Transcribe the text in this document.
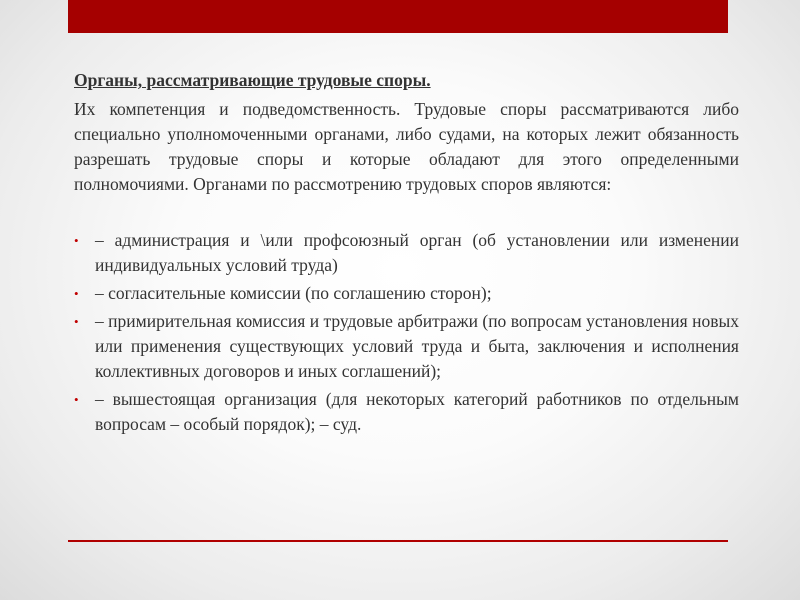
Органы, рассматривающие трудовые споры.

Их компетенция и подведомственность. Трудовые споры рассматриваются либо специально уполномоченными органами, либо судами, на которых лежит обязанность разрешать трудовые споры и которые обладают для этого определенными полномочиями. Органами по рассмотрению трудовых споров являются:

• – администрация и \или профсоюзный орган (об установлении или изменении индивидуальных условий труда)
• – согласительные комиссии (по соглашению сторон);
• – примирительная комиссия и трудовые арбитражи (по вопросам установления новых или применения существующих условий труда и быта, заключения и исполнения коллективных договоров и иных соглашений);
• – вышестоящая организация (для некоторых категорий работников по отдельным вопросам – особый порядок); – суд.
